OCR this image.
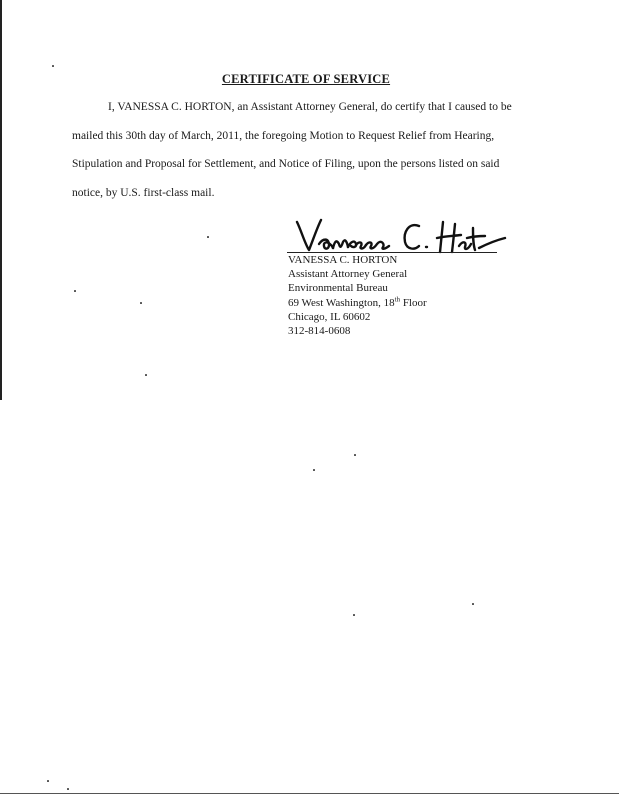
CERTIFICATE OF SERVICE

I, VANESSA C. HORTON, an Assistant Attorney General, do certify that I caused to be
mailed this 30th day of March, 2011, the foregoing Motion to Request Relief from Hearing,
Stipulation and Proposal for Settlement, and Notice of Filing, upon the persons listed on said
notice, by U.S. first-class mail.

VANESSA C. HORTON
Assistant Attorney General
Environmental Bureau
69 West Washington, 18th Floor
Chicago, IL 60602
312-814-0608
